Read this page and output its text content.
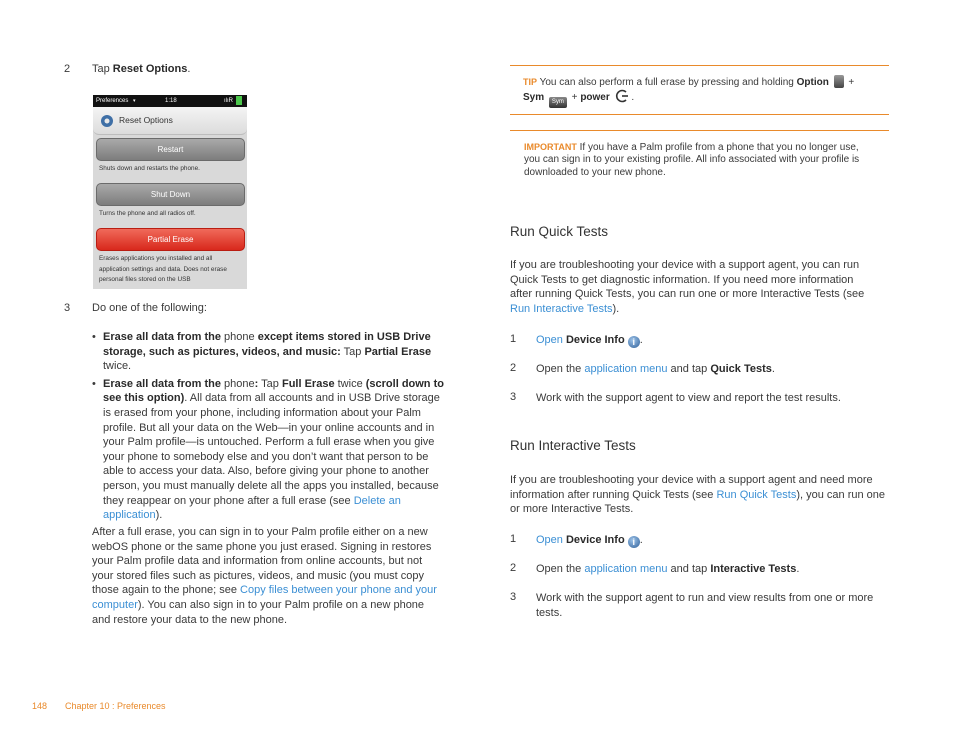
2 Tap Reset Options.
Preferences ▾	1:18	ılıR
Reset Options
Restart
Shuts down and restarts the phone.
Shut Down
Turns the phone and all radios off.
Partial Erase
Erases applications you installed and all application settings and data. Does not erase personal files stored on the USB
3 Do one of the following:
• Erase all data from the phone except items stored in USB Drive storage, such as pictures, videos, and music: Tap Partial Erase twice.
• Erase all data from the phone: Tap Full Erase twice (scroll down to see this option). All data from all accounts and in USB Drive storage is erased from your phone, including information about your Palm profile. But all your data on the Web—in your online accounts and in your Palm profile—is untouched. Perform a full erase when you give your phone to somebody else and you don’t want that person to be able to access your data. Also, before giving your phone to another person, you must manually delete all the apps you installed, because they reappear on your phone after a full erase (see Delete an application).
After a full erase, you can sign in to your Palm profile either on a new webOS phone or the same phone you just erased. Signing in restores your Palm profile data and information from online accounts, but not your stored files such as pictures, videos, and music (you must copy those again to the phone; see Copy files between your phone and your computer). You can also sign in to your Palm profile on a new phone and restore your data to the new phone.
TIP You can also perform a full erase by pressing and holding Option  +
Sym Sym + power  .
IMPORTANT If you have a Palm profile from a phone that you no longer use, you can sign in to your existing profile. All info associated with your profile is downloaded to your new phone.
Run Quick Tests
If you are troubleshooting your device with a support agent, you can run Quick Tests to get diagnostic information. If you need more information after running Quick Tests, you can run one or more Interactive Tests (see Run Interactive Tests).
1 Open Device Info i .
2 Open the application menu and tap Quick Tests.
3 Work with the support agent to view and report the test results.
Run Interactive Tests
If you are troubleshooting your device with a support agent and need more information after running Quick Tests (see Run Quick Tests), you can run one or more Interactive Tests.
1 Open Device Info i .
2 Open the application menu and tap Interactive Tests.
3 Work with the support agent to run and view results from one or more tests.
148 Chapter 10 : Preferences
